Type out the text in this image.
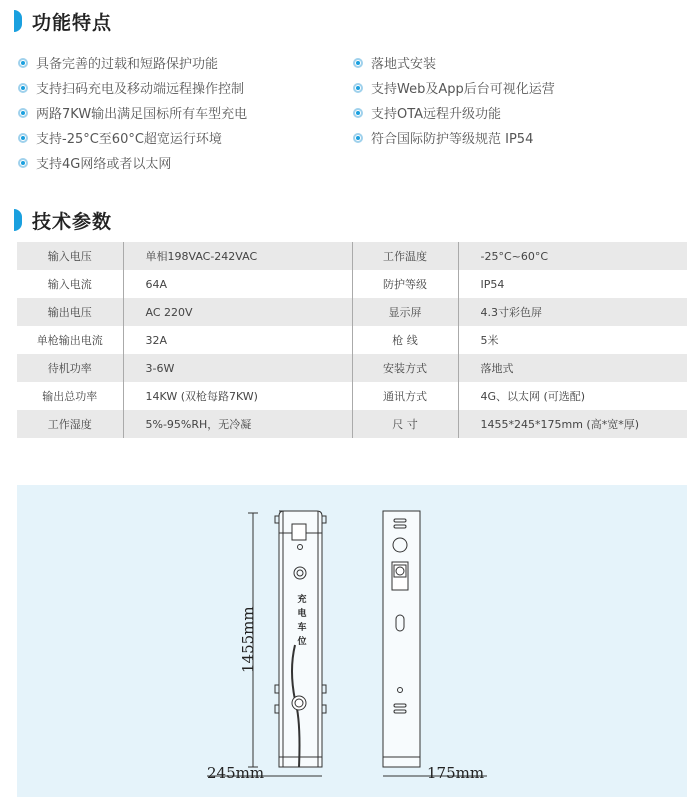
功能特点
具备完善的过载和短路保护功能
支持扫码充电及移动端远程操作控制
两路7KW输出满足国标所有车型充电
支持-25°C至60°C超宽运行环境
支持4G网络或者以太网
落地式安装
支持Web及App后台可视化运营
支持OTA远程升级功能
符合国际防护等级规范 IP54
技术参数
输入电压	单相198VAC-242VAC	工作温度	-25°C~60°C
输入电流	64A	防护等级	IP54
输出电压	AC 220V	显示屏	4.3寸彩色屏
单枪输出电流	32A	枪 线	5米
待机功率	3-6W	安装方式	落地式
输出总功率	14KW (双枪每路7KW)	通讯方式	4G、以太网 (可选配)
工作湿度	5%-95%RH，无冷凝	尺 寸	1455*245*175mm (高*宽*厚)
充
电
车
位
1455mm
245mm	175mm
